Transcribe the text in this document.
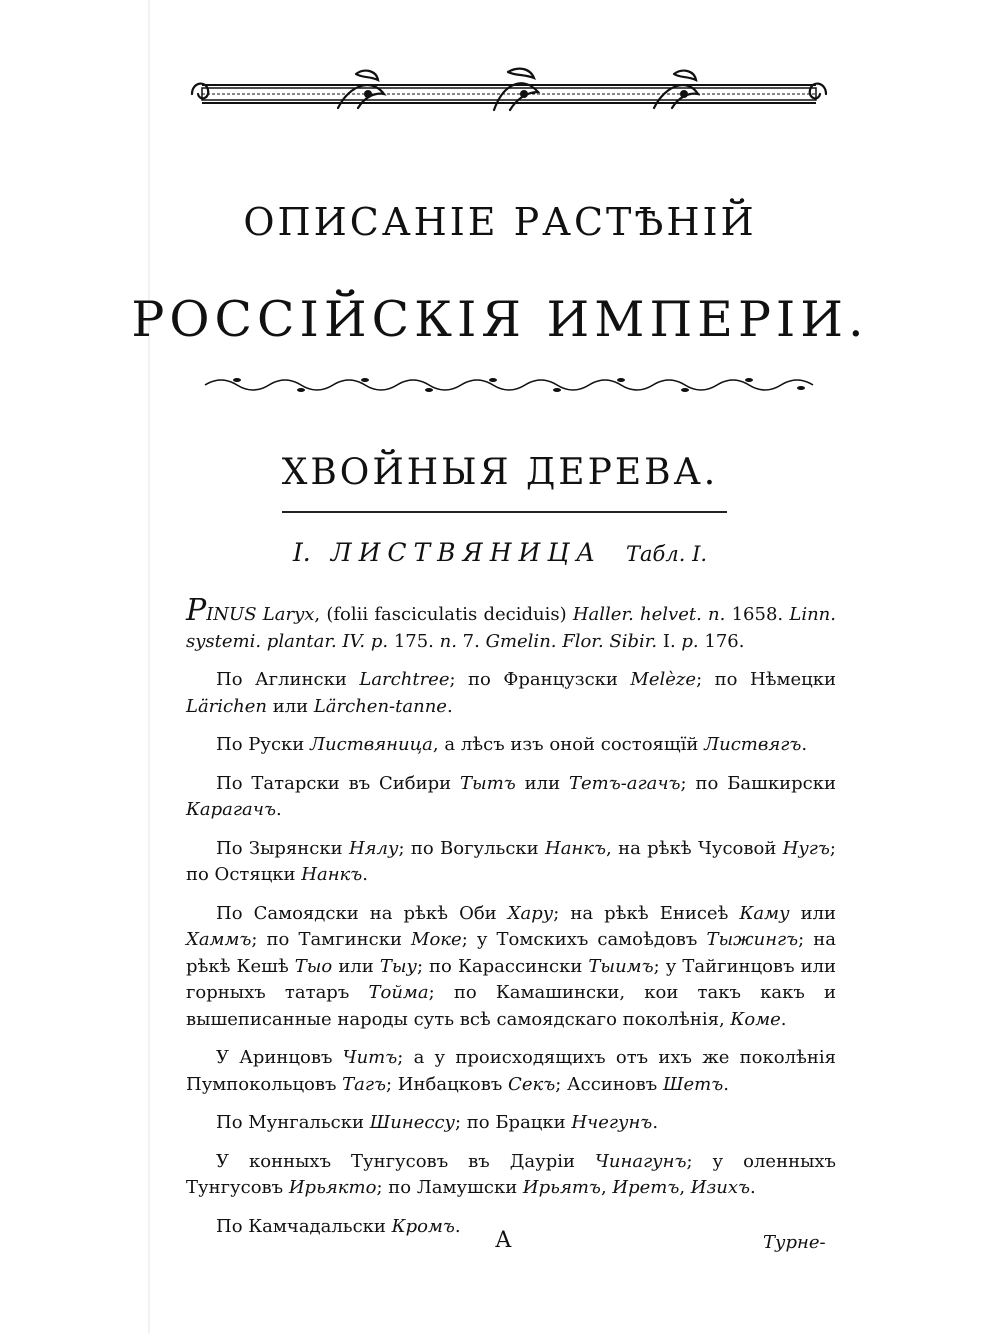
ОПИСАНІЕ РАСТѢНІЙ
РОССІЙСКІЯ ИМПЕРІИ.
ХВОЙНЫЯ ДЕРЕВА.
I. ЛИСТВЯНИЦА Табл. I.

PINUS Laryx, (folii fasciculatis deciduis) Haller. helvet. n. 1658. Linn. systemi. plantar. IV. p. 175. n. 7. Gmelin. Flor. Sibir. I. p. 176.

По Аглински Larchtree; по Французски Melèze; по Нѣмецки Lärichen или Lärchen-tanne.

По Руски Листвяница, а лѣсъ изъ оной состоящїй Листвягъ.

По Татарски въ Сибири Тытъ или Тетъ-агачъ; по Башкирски Карагачъ.

По Зырянски Нялу; по Вогульски Нанкъ, на рѣкѣ Чусовой Нугъ; по Остяцки Нанкъ.

По Самоядски на рѣкѣ Оби Хару; на рѣкѣ Енисеѣ Каму или Хаммъ; по Тамгински Моке; у Томскихъ самоѣдовъ Тыжингъ; на рѣкѣ Кешѣ Тыо или Тыу; по Карассински Тыимъ; у Тайгинцовъ или горныхъ татаръ Тойма; по Камашински, кои такъ какъ и вышеписанные народы суть всѣ самоядскаго поколѣнія, Коме.

У Аринцовъ Читъ; а у происходящихъ отъ ихъ же поколѣнія Пумпокольцовъ Тагъ; Инбацковъ Секъ; Ассиновъ Шетъ.

По Мунгальски Шинессу; по Брацки Нчегунъ.

У конныхъ Тунгусовъ въ Дауріи Чинагунъ; у оленныхъ Тунгусовъ Ирьякто; по Ламушски Ирьятъ, Иретъ, Изихъ.

По Камчадальски Кромъ.

А	Турне-
